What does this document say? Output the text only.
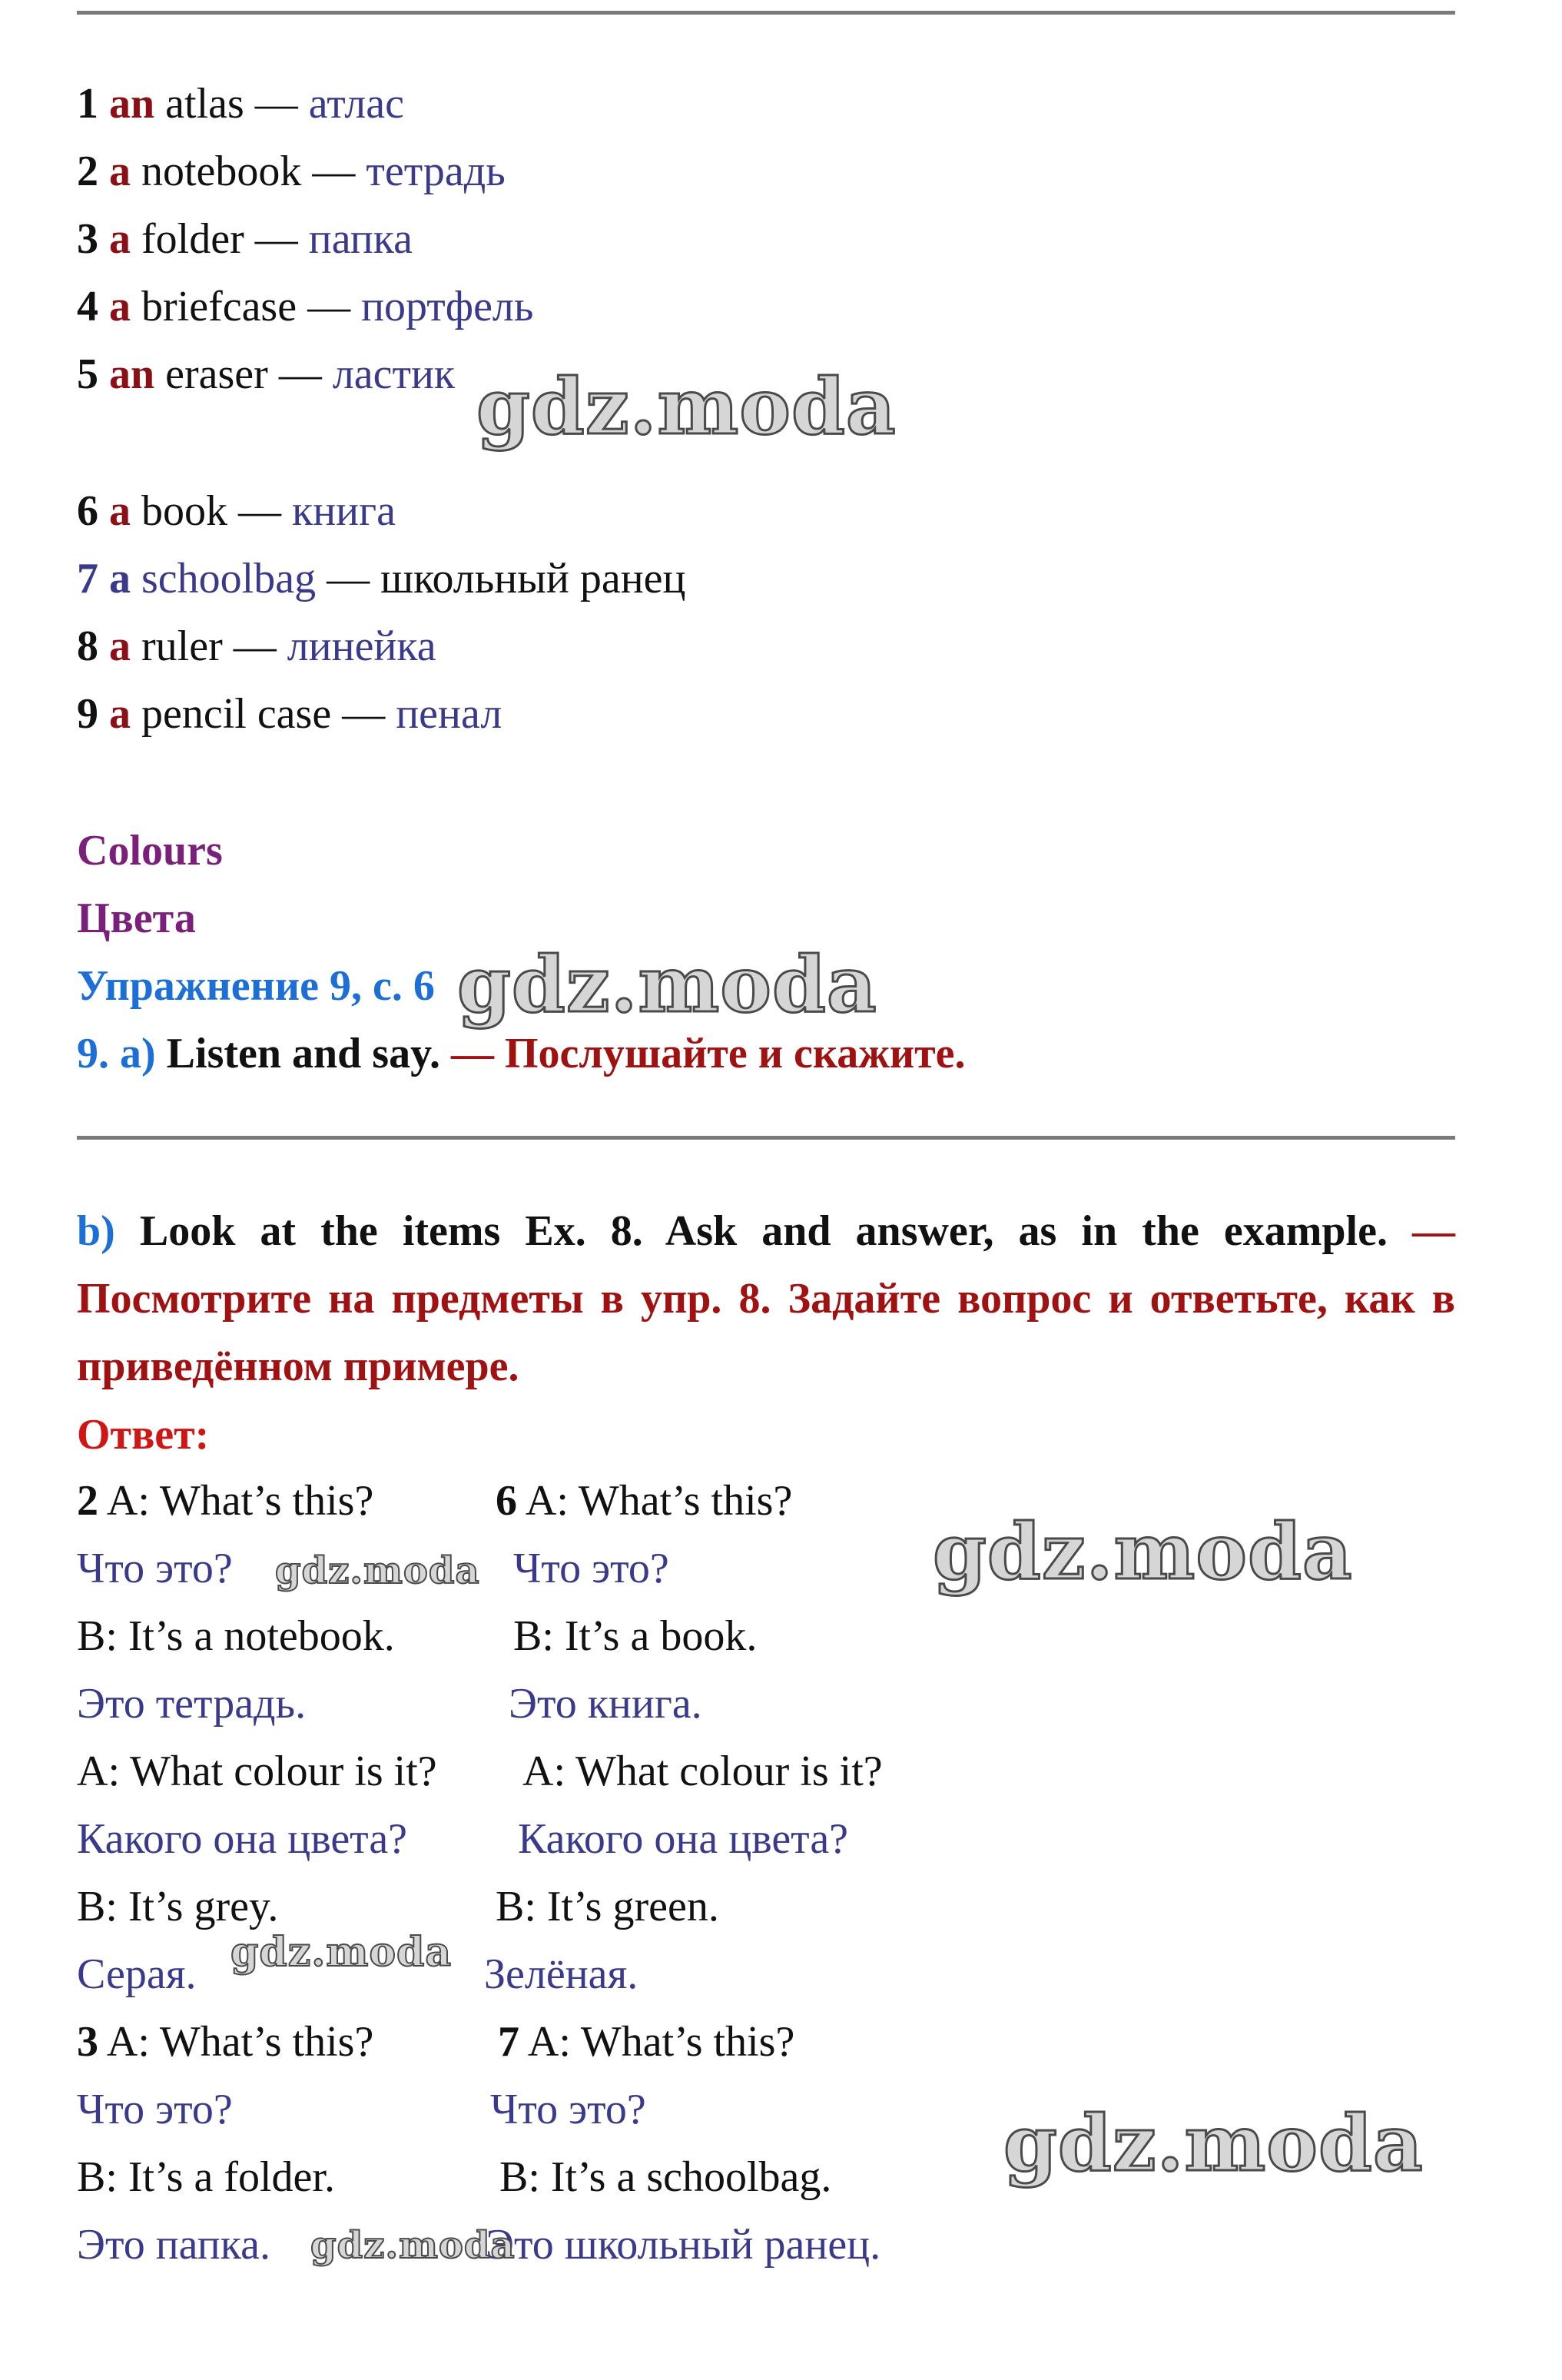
1 an atlas — атлас
2 a notebook — тетрадь
3 a folder — папка
4 a briefcase — портфель
5 an eraser — ластик gdz.moda
6 a book — книга
7 a schoolbag — школьный ранец
8 a ruler — линейка
9 a pencil case — пенал
Colours
Цвета
Упражнение 9, с. 6 gdz.moda
9. a) Listen and say. — Послушайте и скажите.
b) Look at the items Ex. 8. Ask and answer, as in the example. — Посмотрите на предметы в упр. 8. Задайте вопрос и ответьте, как в приведённом примере.
Ответ:
2 A: What’s this?
Что это?
B: It’s a notebook.
Это тетрадь.
A: What colour is it?
Какого она цвета?
B: It’s grey.
Серая.
3 A: What’s this?
Что это?
B: It’s a folder.
Это папка.
6 A: What’s this?
Что это?
B: It’s a book.
Это книга.
A: What colour is it?
Какого она цвета?
B: It’s green.
Зелёная.
7 A: What’s this?
Что это?
B: It’s a schoolbag.
Это школьный ранец.
gdz.moda	gdz.moda
gdz.moda
gdz.moda
gdz.moda
